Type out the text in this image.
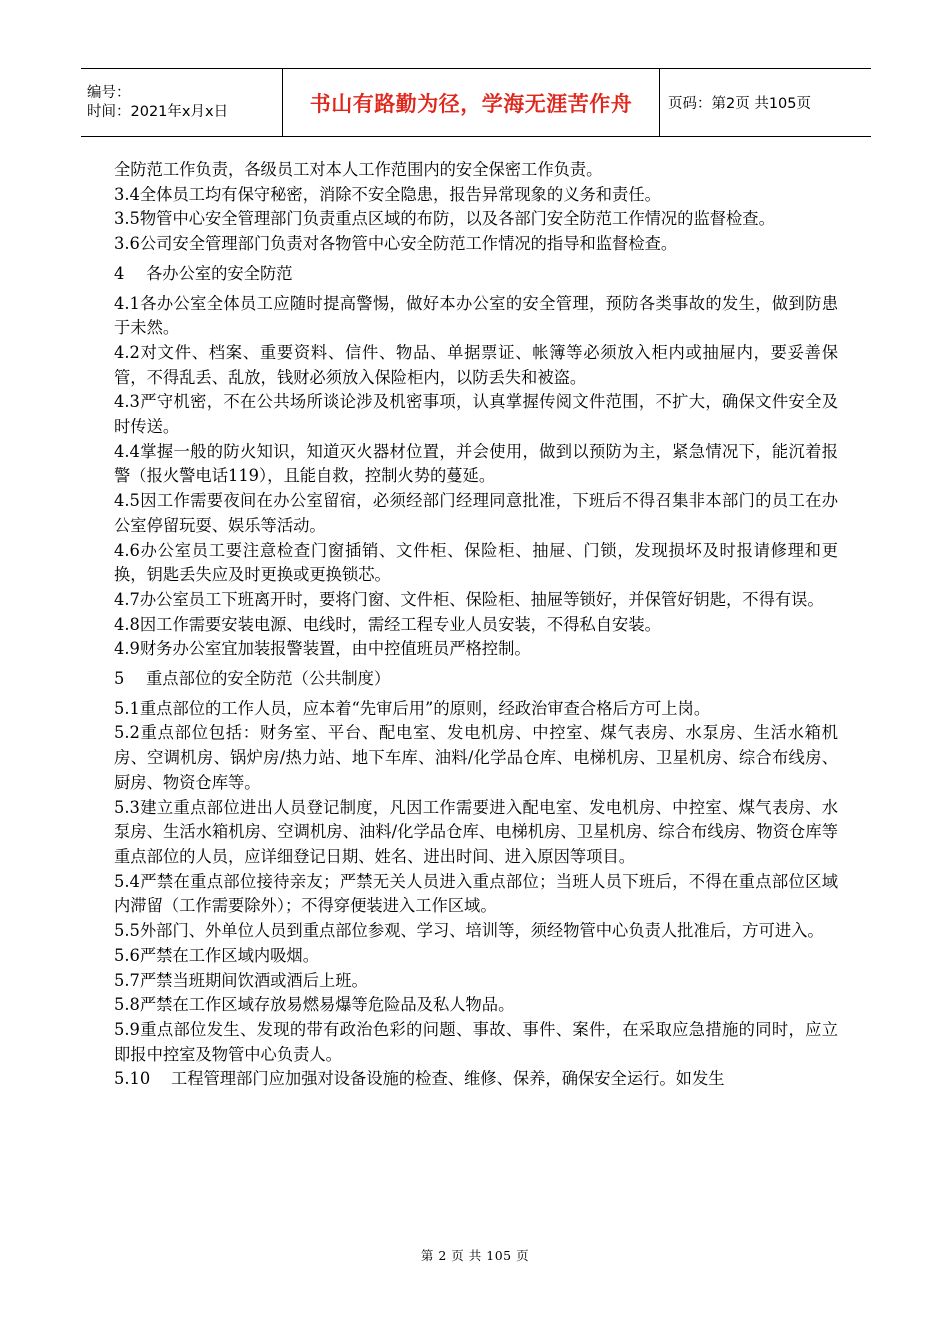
编号：
时间：2021年x月x日	书山有路勤为径，学海无涯苦作舟	页码：第2页 共105页

全防范工作负责，各级员工对本人工作范围内的安全保密工作负责。

3.4全体员工均有保守秘密，消除不安全隐患，报告异常现象的义务和责任。

3.5物管中心安全管理部门负责重点区域的布防，以及各部门安全防范工作情况的监督检查。

3.6公司安全管理部门负责对各物管中心安全防范工作情况的指导和监督检查。

4 各办公室的安全防范

4.1各办公室全体员工应随时提高警惕，做好本办公室的安全管理，预防各类事故的发生，做到防患于未然。

4.2对文件、档案、重要资料、信件、物品、单据票证、帐簿等必须放入柜内或抽屉内，要妥善保管，不得乱丢、乱放，钱财必须放入保险柜内，以防丢失和被盗。

4.3严守机密，不在公共场所谈论涉及机密事项，认真掌握传阅文件范围，不扩大，确保文件安全及时传送。

4.4掌握一般的防火知识，知道灭火器材位置，并会使用，做到以预防为主，紧急情况下，能沉着报警（报火警电话119），且能自救，控制火势的蔓延。

4.5因工作需要夜间在办公室留宿，必须经部门经理同意批准，下班后不得召集非本部门的员工在办公室停留玩耍、娱乐等活动。

4.6办公室员工要注意检查门窗插销、文件柜、保险柜、抽屉、门锁，发现损坏及时报请修理和更换，钥匙丢失应及时更换或更换锁芯。

4.7办公室员工下班离开时，要将门窗、文件柜、保险柜、抽屉等锁好，并保管好钥匙，不得有误。

4.8因工作需要安装电源、电线时，需经工程专业人员安装，不得私自安装。

4.9财务办公室宜加装报警装置，由中控值班员严格控制。

5 重点部位的安全防范（公共制度）

5.1重点部位的工作人员，应本着“先审后用”的原则，经政治审查合格后方可上岗。

5.2重点部位包括：财务室、平台、配电室、发电机房、中控室、煤气表房、水泵房、生活水箱机房、空调机房、锅炉房/热力站、地下车库、油料/化学品仓库、电梯机房、卫星机房、综合布线房、厨房、物资仓库等。

5.3建立重点部位进出人员登记制度，凡因工作需要进入配电室、发电机房、中控室、煤气表房、水泵房、生活水箱机房、空调机房、油料/化学品仓库、电梯机房、卫星机房、综合布线房、物资仓库等重点部位的人员，应详细登记日期、姓名、进出时间、进入原因等项目。

5.4严禁在重点部位接待亲友；严禁无关人员进入重点部位；当班人员下班后，不得在重点部位区域内滞留（工作需要除外）；不得穿便装进入工作区域。

5.5外部门、外单位人员到重点部位参观、学习、培训等，须经物管中心负责人批准后，方可进入。

5.6严禁在工作区域内吸烟。

5.7严禁当班期间饮酒或酒后上班。

5.8严禁在工作区域存放易燃易爆等危险品及私人物品。

5.9重点部位发生、发现的带有政治色彩的问题、事故、事件、案件，在采取应急措施的同时，应立即报中控室及物管中心负责人。

5.10    工程管理部门应加强对设备设施的检查、维修、保养，确保安全运行。如发生

第 2 页 共 105 页
